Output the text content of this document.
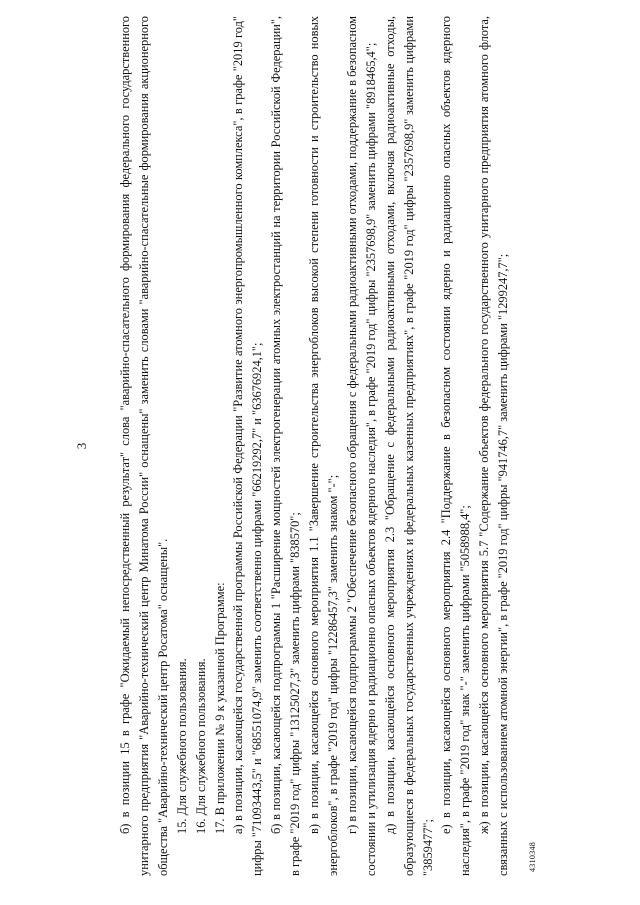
3 б) в позиции 15 в графе "Ожидаемый непосредственный результат" слова "аварийно-спасательного формирования федерального государственного унитарного предприятия "Аварийно-технический центр Минатома России" оснащены" заменить словами "аварийно-спасательные формирования акционерного общества "Аварийно-технический центр Росатома" оснащены". 15. Для служебного пользования. 16. Для служебного пользования. 17. В приложении № 9 к указанной Программе: а) в позиции, касающейся государственной программы Российской Федерации "Развитие атомного энергопромышленного комплекса", в графе "2019 год" цифры "71093443,5" и "68551074,9" заменить соответственно цифрами "66219292,7" и "63676924,1"; б) в позиции, касающейся подпрограммы 1 "Расширение мощностей электрогенерации атомных электростанций на территории Российской Федерации", в графе "2019 год" цифры "13125027,3" заменить цифрами "838570"; в) в позиции, касающейся основного мероприятия 1.1 "Завершение строительства энергоблоков высокой степени готовности и строительство новых энергоблоков", в графе "2019 год" цифры "12286457,3" заменить знаком "-"; г) в позиции, касающейся подпрограммы 2 "Обеспечение безопасного обращения с федеральными радиоактивными отходами, поддержание в безопасном состоянии и утилизация ядерно и радиационно опасных объектов ядерного наследия", в графе "2019 год" цифры "2357698,9" заменить цифрами "8918465,4"; д) в позиции, касающейся основного мероприятия 2.3 "Обращение с федеральными радиоактивными отходами, включая радиоактивные отходы, образующиеся в федеральных государственных учреждениях и федеральных казенных предприятиях", в графе "2019 год" цифры "2357698,9" заменить цифрами "3859477";

е) в позиции, касающейся основного мероприятия 2.4 "Поддержание в безопасном состоянии ядерно и радиационно опасных объектов ядерного наследия", в графе "2019 год" знак "-" заменить цифрами "5058988,4"; ж) в позиции, касающейся основного мероприятия 5.7 "Содержание объектов федерального государственного унитарного предприятия атомного флота, связанных с использованием атомной энергии", в графе "2019 год" цифры "941746,7" заменить цифрами "1299247,7";	4310348
